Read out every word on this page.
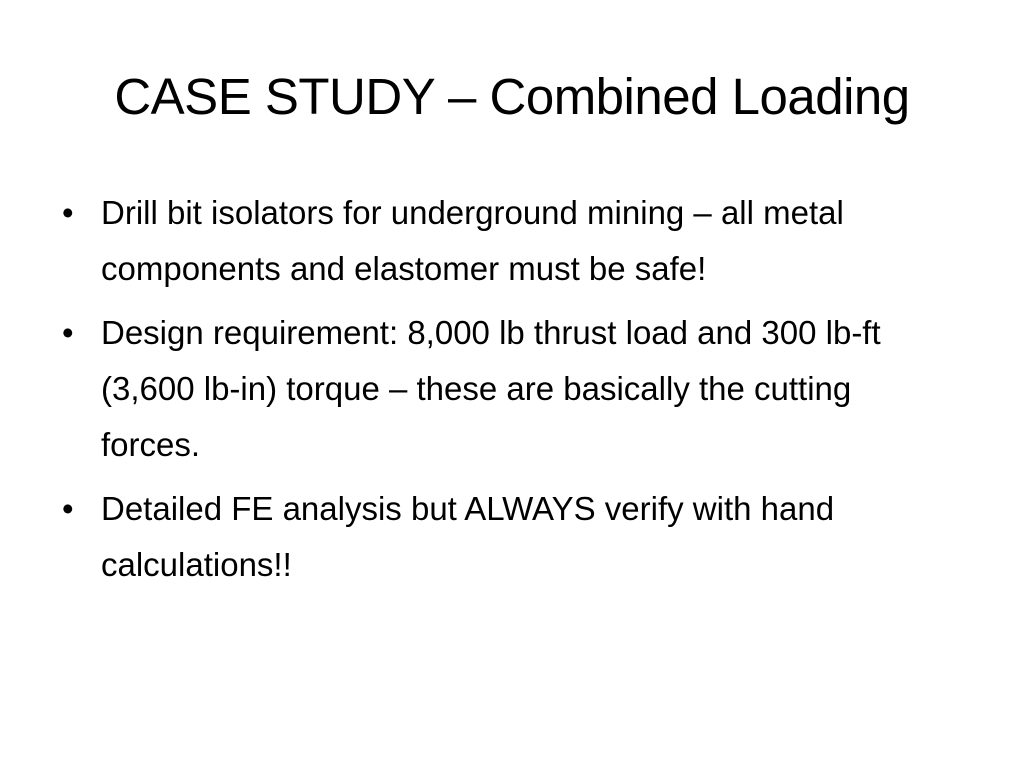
CASE STUDY – Combined Loading
• Drill bit isolators for underground mining – all metal components and elastomer must be safe!
• Design requirement: 8,000 lb thrust load and 300 lb-ft (3,600 lb-in) torque – these are basically the cutting forces.
• Detailed FE analysis but ALWAYS verify with hand calculations!!
